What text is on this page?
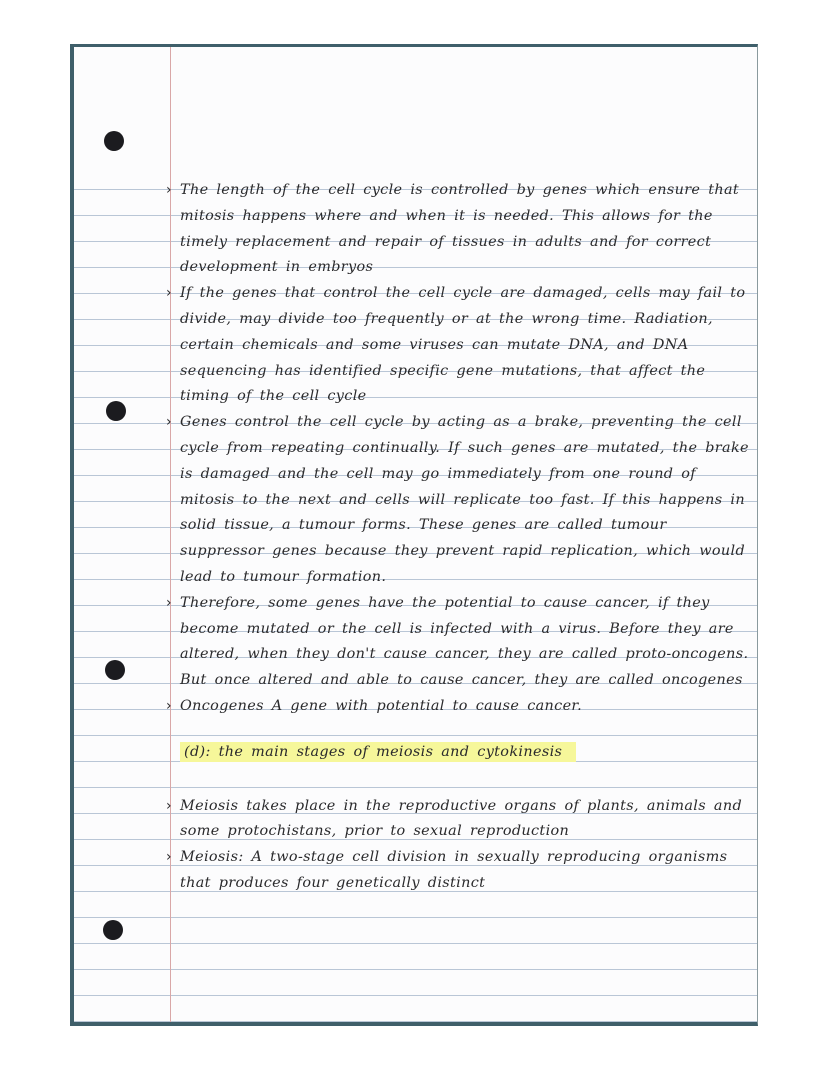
› The length of the cell cycle is controlled by genes which ensure that mitosis happens where and when it is needed. This allows for the timely replacement and repair of tissues in adults and for correct development in embryos

› If the genes that control the cell cycle are damaged, cells may fail to divide, may divide too frequently or at the wrong time. Radiation, certain chemicals and some viruses can mutate DNA, and DNA sequencing has identified specific gene mutations, that affect the timing of the cell cycle

› Genes control the cell cycle by acting as a brake, preventing the cell cycle from repeating continually. If such genes are mutated, the brake is damaged and the cell may go immediately from one round of mitosis to the next and cells will replicate too fast. If this happens in solid tissue, a tumour forms. These genes are called tumour suppressor genes because they prevent rapid replication, which would lead to tumour formation.

› Therefore, some genes have the potential to cause cancer, if they become mutated or the cell is infected with a virus. Before they are altered, when they don't cause cancer, they are called proto-oncogens. But once altered and able to cause cancer, they are called oncogenes

› Oncogenes A gene with potential to cause cancer.

(d): the main stages of meiosis and cytokinesis

› Meiosis takes place in the reproductive organs of plants, animals and some protochistans, prior to sexual reproduction

› Meiosis: A two-stage cell division in sexually reproducing organisms that produces four genetically distinct
